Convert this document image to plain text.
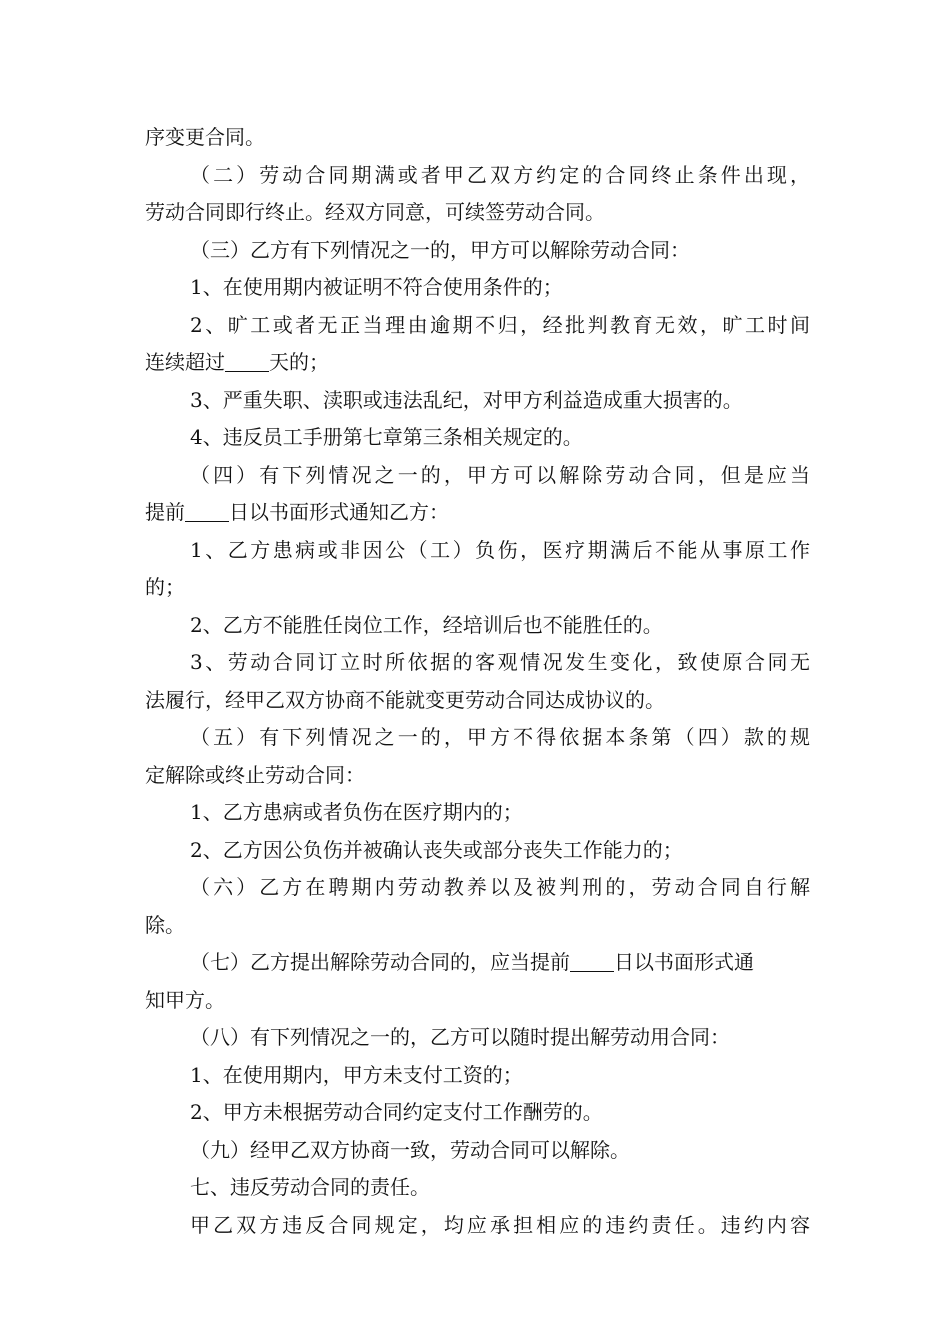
序变更合同。
（二）劳动合同期满或者甲乙双方约定的合同终止条件出现，
劳动合同即行终止。经双方同意，可续签劳动合同。
（三）乙方有下列情况之一的，甲方可以解除劳动合同：
1、在使用期内被证明不符合使用条件的；
2、旷工或者无正当理由逾期不归，经批判教育无效，旷工时间
连续超过 天的；
3、严重失职、渎职或违法乱纪，对甲方利益造成重大损害的。
4、违反员工手册第七章第三条相关规定的。
（四）有下列情况之一的，甲方可以解除劳动合同，但是应当
提前 日以书面形式通知乙方：
1、乙方患病或非因公（工）负伤，医疗期满后不能从事原工作
的；
2、乙方不能胜任岗位工作，经培训后也不能胜任的。
3、劳动合同订立时所依据的客观情况发生变化，致使原合同无
法履行，经甲乙双方协商不能就变更劳动合同达成协议的。
（五）有下列情况之一的，甲方不得依据本条第（四）款的规
定解除或终止劳动合同：
1、乙方患病或者负伤在医疗期内的；
2、乙方因公负伤并被确认丧失或部分丧失工作能力的；
（六）乙方在聘期内劳动教养以及被判刑的，劳动合同自行解
除。
（七）乙方提出解除劳动合同的，应当提前 日以书面形式通
知甲方。
（八）有下列情况之一的，乙方可以随时提出解劳动用合同：
1、在使用期内，甲方未支付工资的；
2、甲方未根据劳动合同约定支付工作酬劳的。
（九）经甲乙双方协商一致，劳动合同可以解除。
七、违反劳动合同的责任。
甲乙双方违反合同规定，均应承担相应的违约责任。违约内容
